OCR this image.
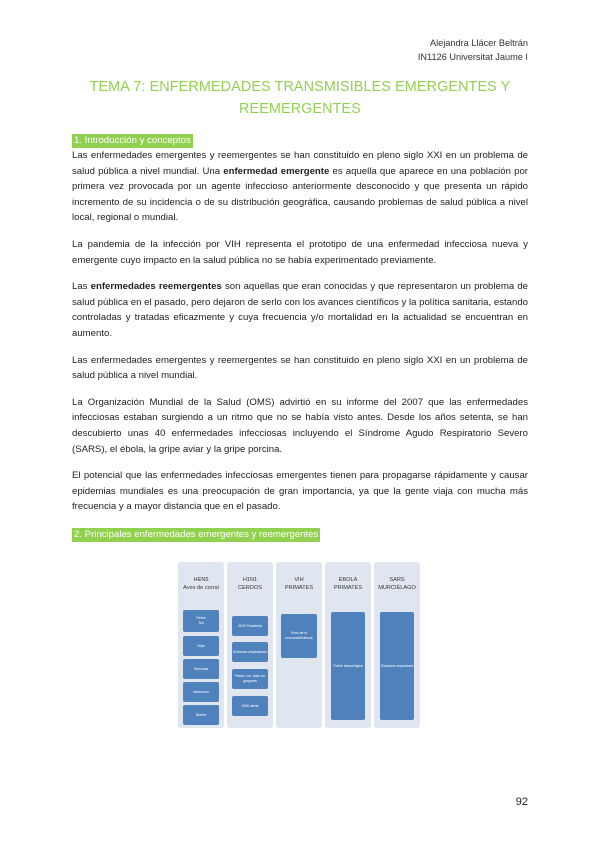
Alejandra Llácer Beltrán
IN1126 Universitat Jaume I
TEMA 7: ENFERMEDADES TRANSMISIBLES EMERGENTES Y
REEMERGENTES
1. Introducción y conceptos

Las enfermedades emergentes y reemergentes se han constituido en pleno siglo XXI en un problema de salud pública a nivel mundial. Una enfermedad emergente es aquella que aparece en una población por primera vez provocada por un agente infeccioso anteriormente desconocido y que presenta un rápido incremento de su incidencia o de su distribución geográfica, causando problemas de salud pública a nivel local, regional o mundial.

La pandemia de la infección por VIH representa el prototipo de una enfermedad infecciosa nueva y emergente cuyo impacto en la salud pública no se había experimentado previamente.

Las enfermedades reemergentes son aquellas que eran conocidas y que representaron un problema de salud pública en el pasado, pero dejaron de serlo con los avances científicos y la política sanitaria, estando controladas y tratadas eficazmente y cuya frecuencia y/o mortalidad en la actualidad se encuentran en aumento.

Las enfermedades emergentes y reemergentes se han constituido en pleno siglo XXI en un problema de salud pública a nivel mundial.

La Organización Mundial de la Salud (OMS) advirtió en su informe del 2007 que las enfermedades infecciosas estaban surgiendo a un ritmo que no se había visto antes. Desde los años setenta, se han descubierto unas 40 enfermedades infecciosas incluyendo el Síndrome Agudo Respiratorio Severo (SARS), el ébola, la gripe aviar y la gripe porcina.

El potencial que las enfermedades infecciosas emergentes tienen para propagarse rápidamente y causar epidemias mundiales es una preocupación de gran importancia, ya que la gente viaja con mucha más frecuencia y a mayor distancia que en el pasado.

2. Principales enfermedades emergentes y reemergentes
HEN5
Aves de corral
Fiebre
Tos
Gripe
Síntomas
Neumonía
Muerte
H1N1
CERDOS
2009 Pandemia
Síntomas respiratorios
Fiebre, tos, dolor de garganta
OMS alerta
VIH
PRIMATES
Virus de la inmunodeficiencia
EBOLA
PRIMATES
Fiebre hemorrágica
SARS
MURCIÉLAGO
Síndrome respiratorio
92
